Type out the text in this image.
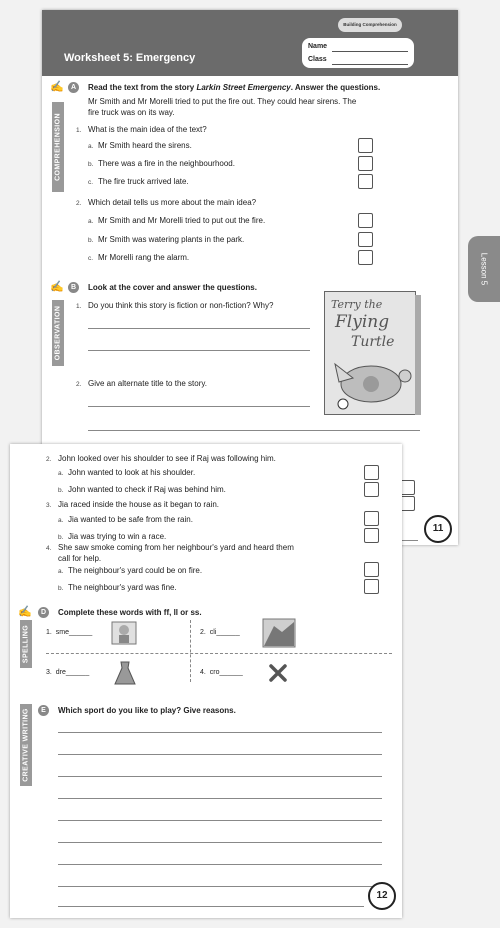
Building Comprehension
Worksheet 5: Emergency
Name
Class
✍	A	Read the text from the story Larkin Street Emergency. Answer the questions.
COMPREHENSION
Mr Smith and Mr Morelli tried to put the fire out. They could hear sirens. The
fire truck was on its way.
1. What is the main idea of the text?
a. Mr Smith heard the sirens.
b. There was a fire in the neighbourhood.
c. The fire truck arrived late.
2. Which detail tells us more about the main idea?
a. Mr Smith and Mr Morelli tried to put out the fire.
b. Mr Smith was watering plants in the park.
c. Mr Morelli rang the alarm.
✍	B	Look at the cover and answer the questions.
OBSERVATION 1. Do you think this story is fiction or non-fiction? Why?
2. Give an alternate title to the story.
Terry the
Flying
Turtle
Lesson 5
11
2. John looked over his shoulder to see if Raj was following him.
a. John wanted to look at his shoulder.
b. John wanted to check if Raj was behind him.
3. Jia raced inside the house as it began to rain.
a. Jia wanted to be safe from the rain.
b. Jia was trying to win a race.
4. She saw smoke coming from her neighbour's yard and heard them
call for help.
a. The neighbour's yard could be on fire.
b. The neighbour's yard was fine.
✍	D	Complete these words with ff, ll or ss.
SPELLING 1. sme______	2. cli______
3. dre______	4. cro______
E	Which sport do you like to play? Give reasons.
CREATIVE WRITING
12
